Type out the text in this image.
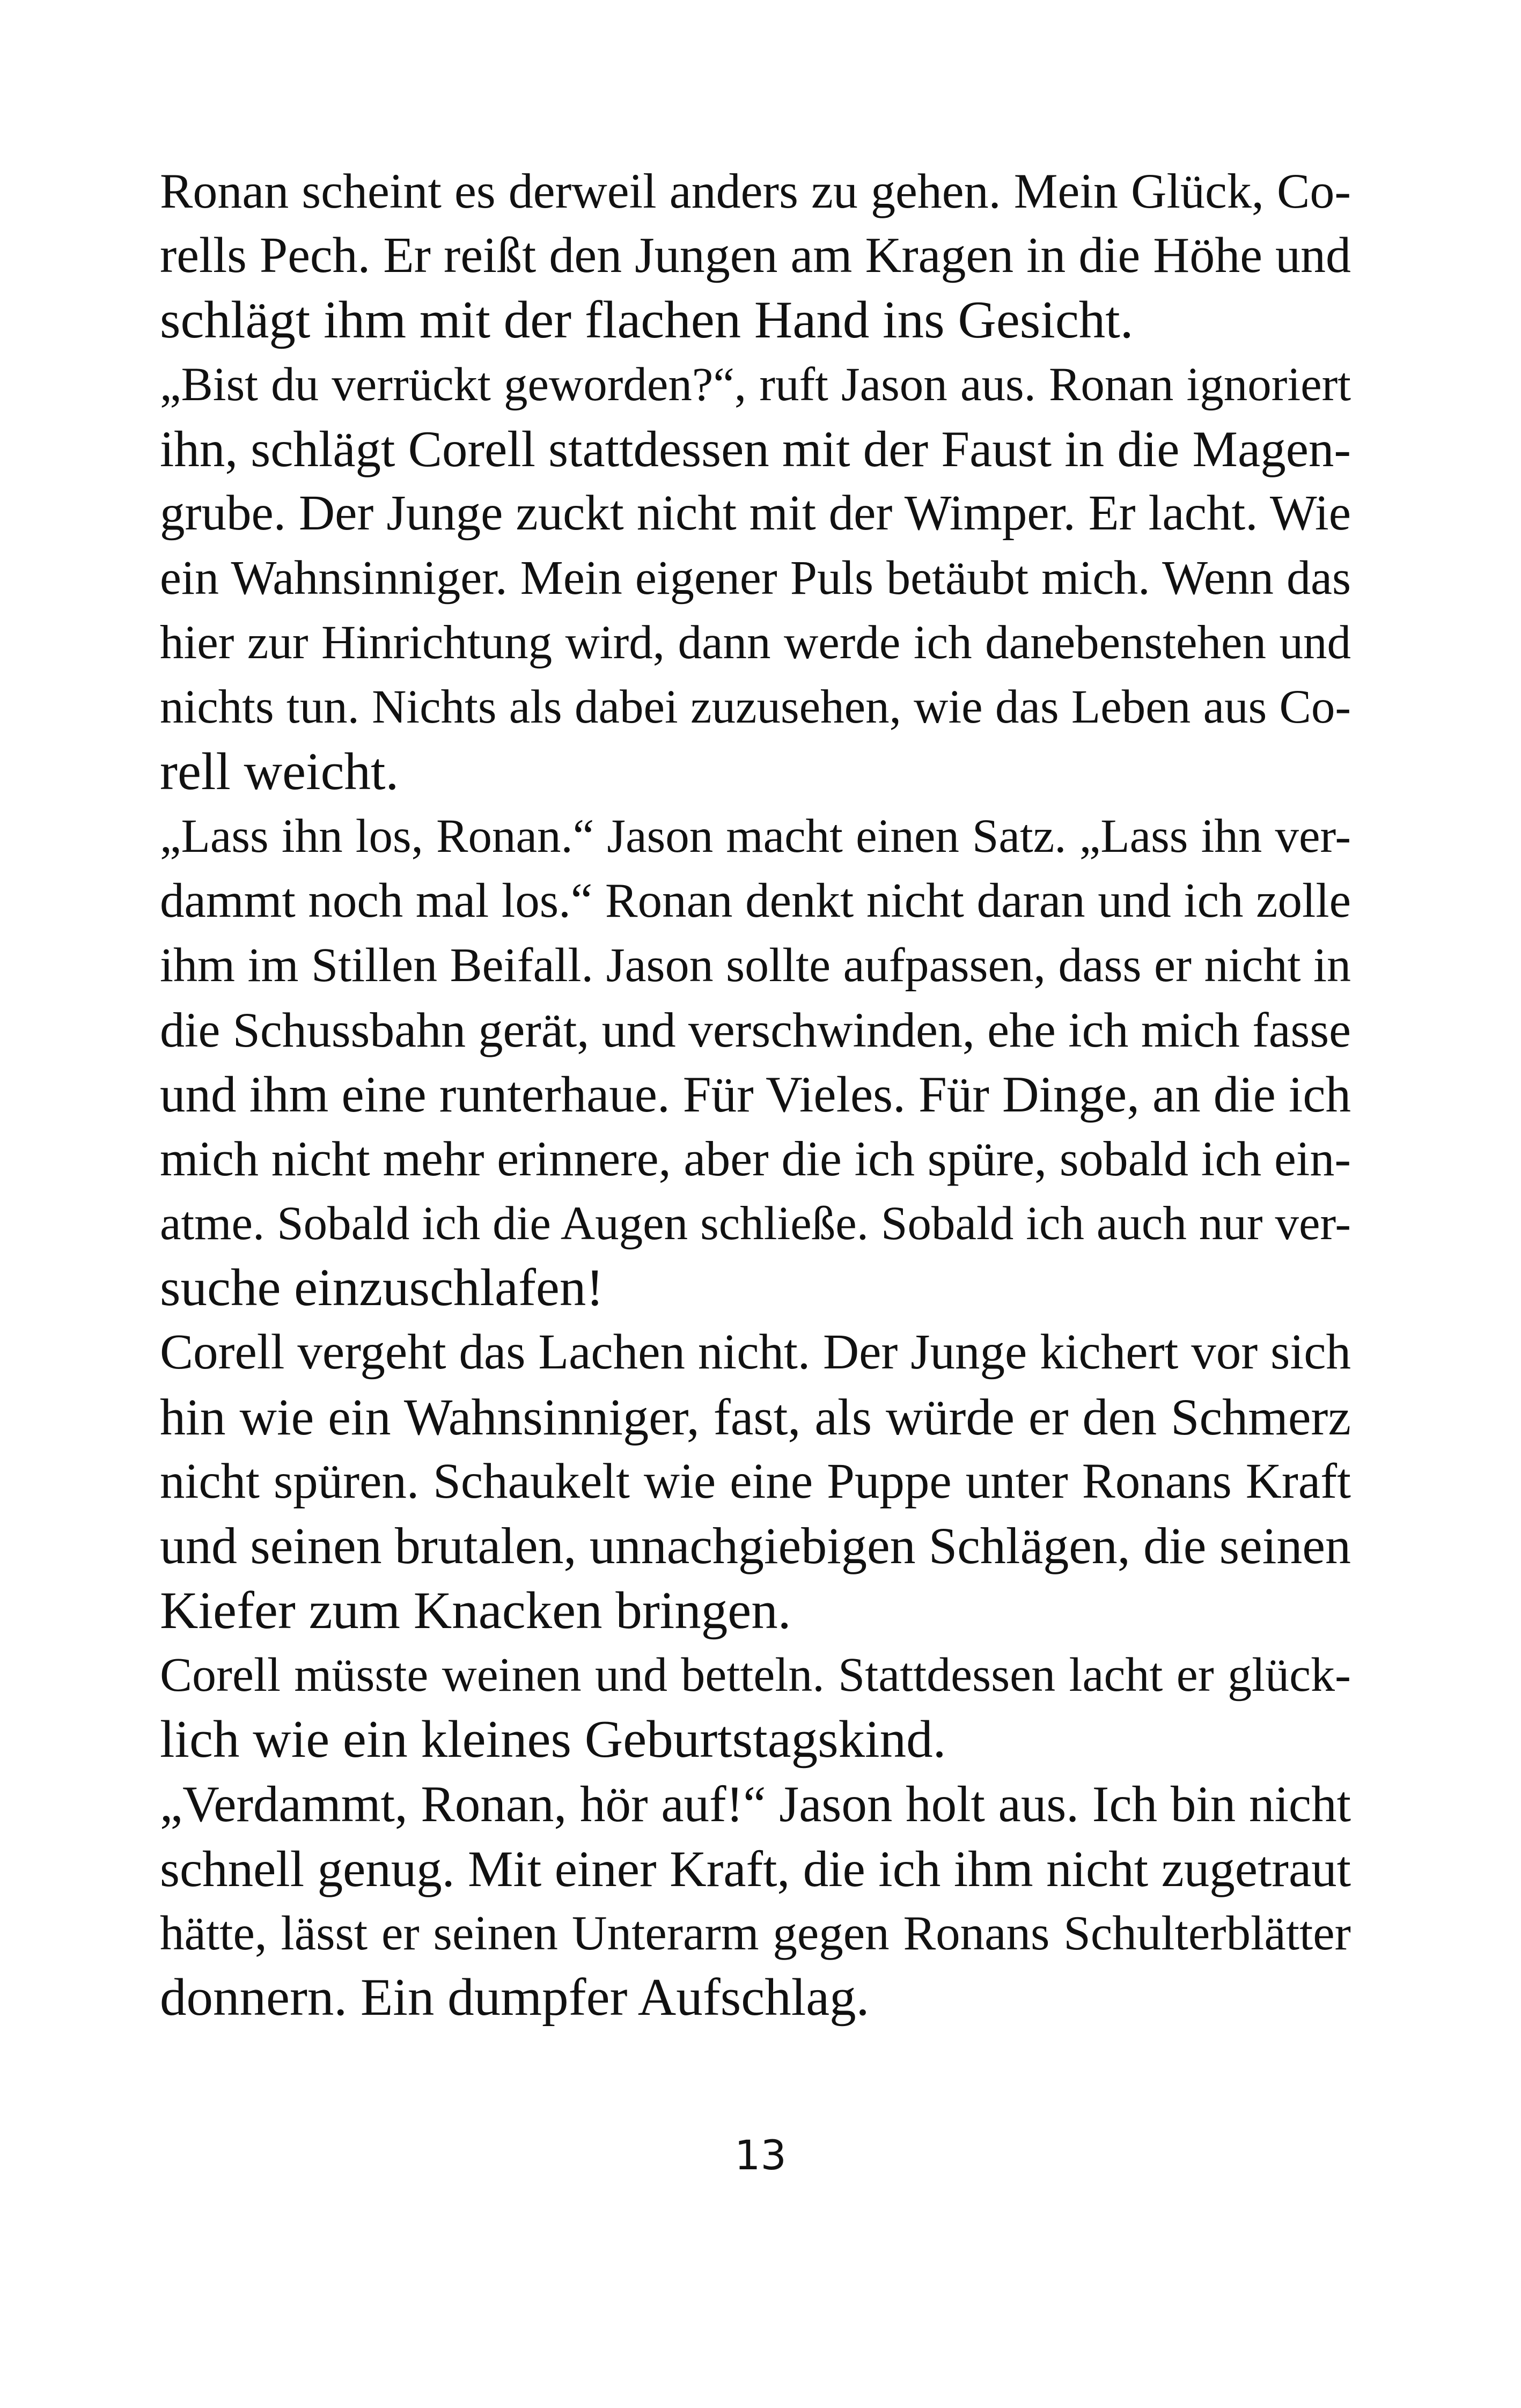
Ronan scheint es derweil anders zu gehen. Mein Glück, Co-
rells Pech. Er reißt den Jungen am Kragen in die Höhe und
schlägt ihm mit der flachen Hand ins Gesicht.
„Bist du verrückt geworden?“, ruft Jason aus. Ronan ignoriert
ihn, schlägt Corell stattdessen mit der Faust in die Magen-
grube. Der Junge zuckt nicht mit der Wimper. Er lacht. Wie
ein Wahnsinniger. Mein eigener Puls betäubt mich. Wenn das
hier zur Hinrichtung wird, dann werde ich danebenstehen und
nichts tun. Nichts als dabei zuzusehen, wie das Leben aus Co-
rell weicht.
„Lass ihn los, Ronan.“ Jason macht einen Satz. „Lass ihn ver-
dammt noch mal los.“ Ronan denkt nicht daran und ich zolle
ihm im Stillen Beifall. Jason sollte aufpassen, dass er nicht in
die Schussbahn gerät, und verschwinden, ehe ich mich fasse
und ihm eine runterhaue. Für Vieles. Für Dinge, an die ich
mich nicht mehr erinnere, aber die ich spüre, sobald ich ein-
atme. Sobald ich die Augen schließe. Sobald ich auch nur ver-
suche einzuschlafen!
Corell vergeht das Lachen nicht. Der Junge kichert vor sich
hin wie ein Wahnsinniger, fast, als würde er den Schmerz
nicht spüren. Schaukelt wie eine Puppe unter Ronans Kraft
und seinen brutalen, unnachgiebigen Schlägen, die seinen
Kiefer zum Knacken bringen.
Corell müsste weinen und betteln. Stattdessen lacht er glück-
lich wie ein kleines Geburtstagskind.
„Verdammt, Ronan, hör auf!“ Jason holt aus. Ich bin nicht
schnell genug. Mit einer Kraft, die ich ihm nicht zugetraut
hätte, lässt er seinen Unterarm gegen Ronans Schulterblätter
donnern. Ein dumpfer Aufschlag.
13
